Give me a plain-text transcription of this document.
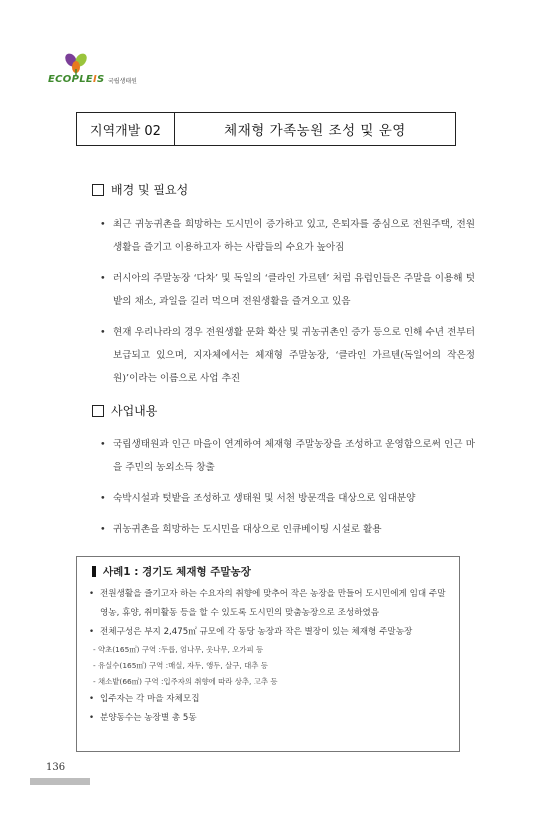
ECOPLEIS 국립생태원
지역개발 02	체재형 가족농원 조성 및 운영
배경 및 필요성
• 최근 귀농귀촌을 희망하는 도시민이 증가하고 있고, 은퇴자를 중심으로 전원주택, 전원생활을 즐기고 이용하고자 하는 사람들의 수요가 높아짐
• 러시아의 주말농장 ‘다차’ 및 독일의 ‘클라인 가르텐’ 처럼 유럽인들은 주말을 이용해 텃밭의 채소, 과일을 길러 먹으며 전원생활을 즐겨오고 있음
• 현재 우리나라의 경우 전원생활 문화 확산 및 귀농귀촌인 증가 등으로 인해 수년 전부터 보급되고 있으며, 지자체에서는 체재형 주말농장, ‘클라인 가르텐(독일어의 작은정원)’이라는 이름으로 사업 추진
사업내용
• 국립생태원과 인근 마을이 연계하여 체재형 주말농장을 조성하고 운영함으로써 인근 마을 주민의 농외소득 창출
• 숙박시설과 텃밭을 조성하고 생태원 및 서천 방문객을 대상으로 임대분양
• 귀농귀촌을 희망하는 도시민을 대상으로 인큐베이팅 시설로 활용
사례1 : 경기도 체재형 주말농장
• 전원생활을 즐기고자 하는 수요자의 취향에 맞추어 작은 농장을 만들어 도시민에게 임대 주말영농, 휴양, 취미활동 등을 할 수 있도록 도시민의 맞춤농장으로 조성하였음
• 전체구성은 부지 2,475㎡ 규모에 각 동당 농장과 작은 별장이 있는 체재형 주말농장
- 약초(165㎡) 구역 :두릅, 엄나무, 옷나무, 오가피 등
- 유실수(165㎡) 구역 :매실, 자두, 앵두, 살구, 대추 등
- 채소밭(66㎡) 구역 :입주자의 취향에 따라 상추, 고추 등
• 입주자는 각 마을 자체모집
• 분양동수는 농장별 총 5동
136
